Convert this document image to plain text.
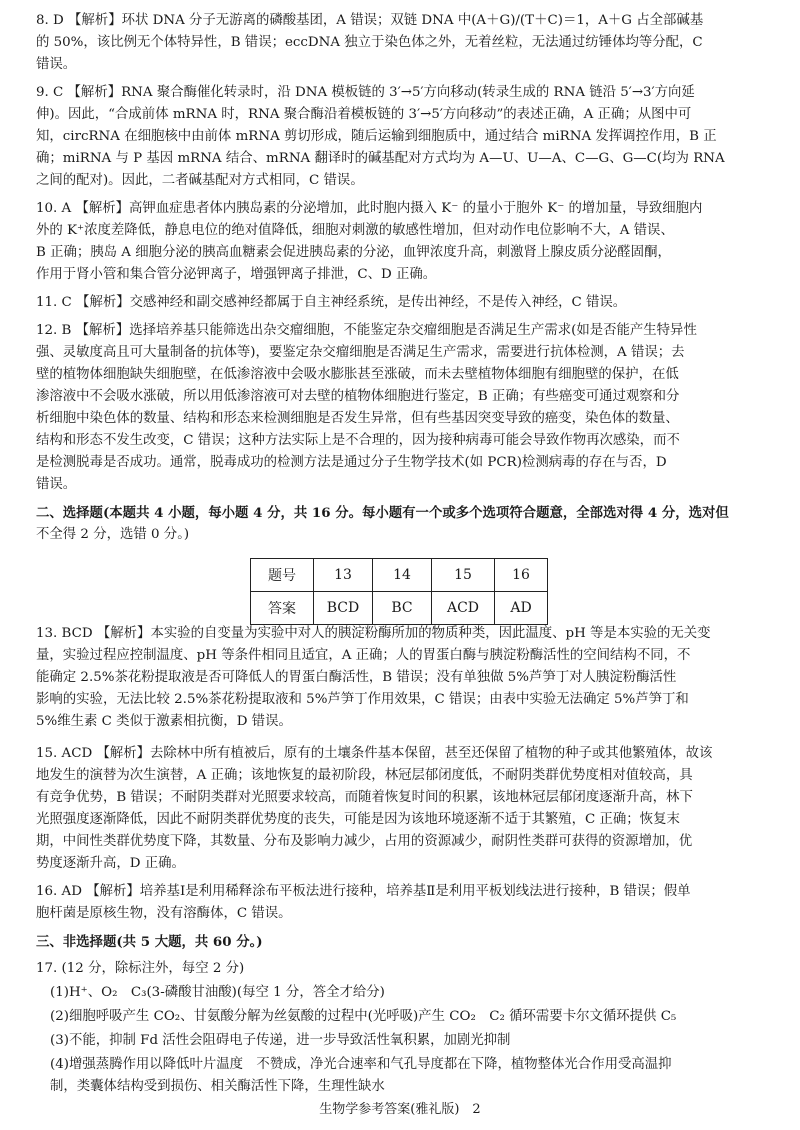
8. D 【解析】环状 DNA 分子无游离的磷酸基团，A 错误；双链 DNA 中(A＋G)/(T＋C)＝1，A＋G 占全部碱基
的 50%，该比例无个体特异性，B 错误；eccDNA 独立于染色体之外，无着丝粒，无法通过纺锤体均等分配，C
错误。
9. C 【解析】RNA 聚合酶催化转录时，沿 DNA 模板链的 3′→5′方向移动(转录生成的 RNA 链沿 5′→3′方向延
伸)。因此，“合成前体 mRNA 时，RNA 聚合酶沿着模板链的 3′→5′方向移动”的表述正确，A 正确；从图中可
知，circRNA 在细胞核中由前体 mRNA 剪切形成，随后运输到细胞质中，通过结合 miRNA 发挥调控作用，B 正
确；miRNA 与 P 基因 mRNA 结合、mRNA 翻译时的碱基配对方式均为 A—U、U—A、C—G、G—C(均为 RNA
之间的配对)。因此，二者碱基配对方式相同，C 错误。
10. A 【解析】高钾血症患者体内胰岛素的分泌增加，此时胞内摄入 K⁻ 的量小于胞外 K⁻ 的增加量，导致细胞内
外的 K⁺浓度差降低，静息电位的绝对值降低，细胞对刺激的敏感性增加，但对动作电位影响不大，A 错误、
B 正确；胰岛 A 细胞分泌的胰高血糖素会促进胰岛素的分泌，血钾浓度升高，刺激肾上腺皮质分泌醛固酮，
作用于肾小管和集合管分泌钾离子，增强钾离子排泄，C、D 正确。
11. C 【解析】交感神经和副交感神经都属于自主神经系统，是传出神经，不是传入神经，C 错误。
12. B 【解析】选择培养基只能筛选出杂交瘤细胞，不能鉴定杂交瘤细胞是否满足生产需求(如是否能产生特异性
强、灵敏度高且可大量制备的抗体等)，要鉴定杂交瘤细胞是否满足生产需求，需要进行抗体检测，A 错误；去
壁的植物体细胞缺失细胞壁，在低渗溶液中会吸水膨胀甚至涨破，而未去壁植物体细胞有细胞壁的保护，在低
渗溶液中不会吸水涨破，所以用低渗溶液可对去壁的植物体细胞进行鉴定，B 正确；有些癌变可通过观察和分
析细胞中染色体的数量、结构和形态来检测细胞是否发生异常，但有些基因突变导致的癌变，染色体的数量、
结构和形态不发生改变，C 错误；这种方法实际上是不合理的，因为接种病毒可能会导致作物再次感染，而不
是检测脱毒是否成功。通常，脱毒成功的检测方法是通过分子生物学技术(如 PCR)检测病毒的存在与否，D
错误。
二、选择题(本题共 4 小题，每小题 4 分，共 16 分。每小题有一个或多个选项符合题意，全部选对得 4 分，选对但
不全得 2 分，选错 0 分。)
13. BCD 【解析】本实验的自变量为实验中对人的胰淀粉酶所加的物质种类，因此温度、pH 等是本实验的无关变
量，实验过程应控制温度、pH 等条件相同且适宜，A 正确；人的胃蛋白酶与胰淀粉酶活性的空间结构不同，不
能确定 2.5%茶花粉提取液是否可降低人的胃蛋白酶活性，B 错误；没有单独做 5%芦笋丁对人胰淀粉酶活性
影响的实验，无法比较 2.5%茶花粉提取液和 5%芦笋丁作用效果，C 错误；由表中实验无法确定 5%芦笋丁和
5%维生素 C 类似于激素相抗衡，D 错误。
15. ACD 【解析】去除林中所有植被后，原有的土壤条件基本保留，甚至还保留了植物的种子或其他繁殖体，故该
地发生的演替为次生演替，A 正确；该地恢复的最初阶段，林冠层郁闭度低，不耐阴类群优势度相对值较高，具
有竞争优势，B 错误；不耐阴类群对光照要求较高，而随着恢复时间的积累，该地林冠层郁闭度逐渐升高，林下
光照强度逐渐降低，因此不耐阴类群优势度的丧失，可能是因为该地环境逐渐不适于其繁殖，C 正确；恢复末
期，中间性类群优势度下降，其数量、分布及影响力减少，占用的资源减少，耐阴性类群可获得的资源增加，优
势度逐渐升高，D 正确。
16. AD 【解析】培养基Ⅰ是利用稀释涂布平板法进行接种，培养基Ⅱ是利用平板划线法进行接种，B 错误；假单
胞杆菌是原核生物，没有溶酶体，C 错误。
三、非选择题(共 5 大题，共 60 分。)
17. (12 分，除标注外，每空 2 分)
(1)H⁺、O₂　C₃(3-磷酸甘油酸)(每空 1 分，答全才给分)
(2)细胞呼吸产生 CO₂、甘氨酸分解为丝氨酸的过程中(光呼吸)产生 CO₂　C₂ 循环需要卡尔文循环提供 C₅
(3)不能，抑制 Fd 活性会阻碍电子传递，进一步导致活性氧积累，加剧光抑制
(4)增强蒸腾作用以降低叶片温度　不赞成，净光合速率和气孔导度都在下降，植物整体光合作用受高温抑
制，类囊体结构受到损伤、相关酶活性下降，生理性缺水
题号	13	14	15	16
答案	BCD	BC	ACD	AD
生物学参考答案(雅礼版)　2
